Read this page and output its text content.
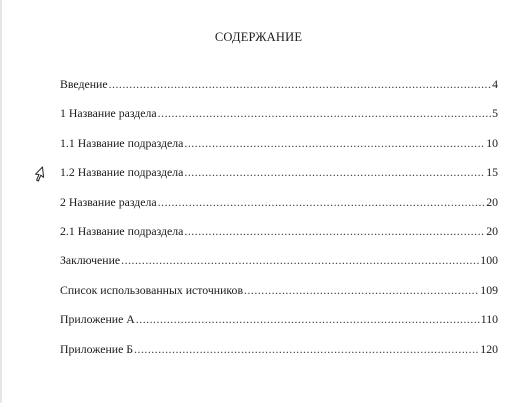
СОДЕРЖАНИЕ
Введение .....	4
1 Название раздела .....	5
1.1 Название подраздела .....	10
1.2 Название подраздела .....	15
2 Название раздела .....	20
2.1 Название подраздела .....	20
Заключение .....	100
Список использованных источников .....	109
Приложение А .....	110
Приложение Б .....	120
